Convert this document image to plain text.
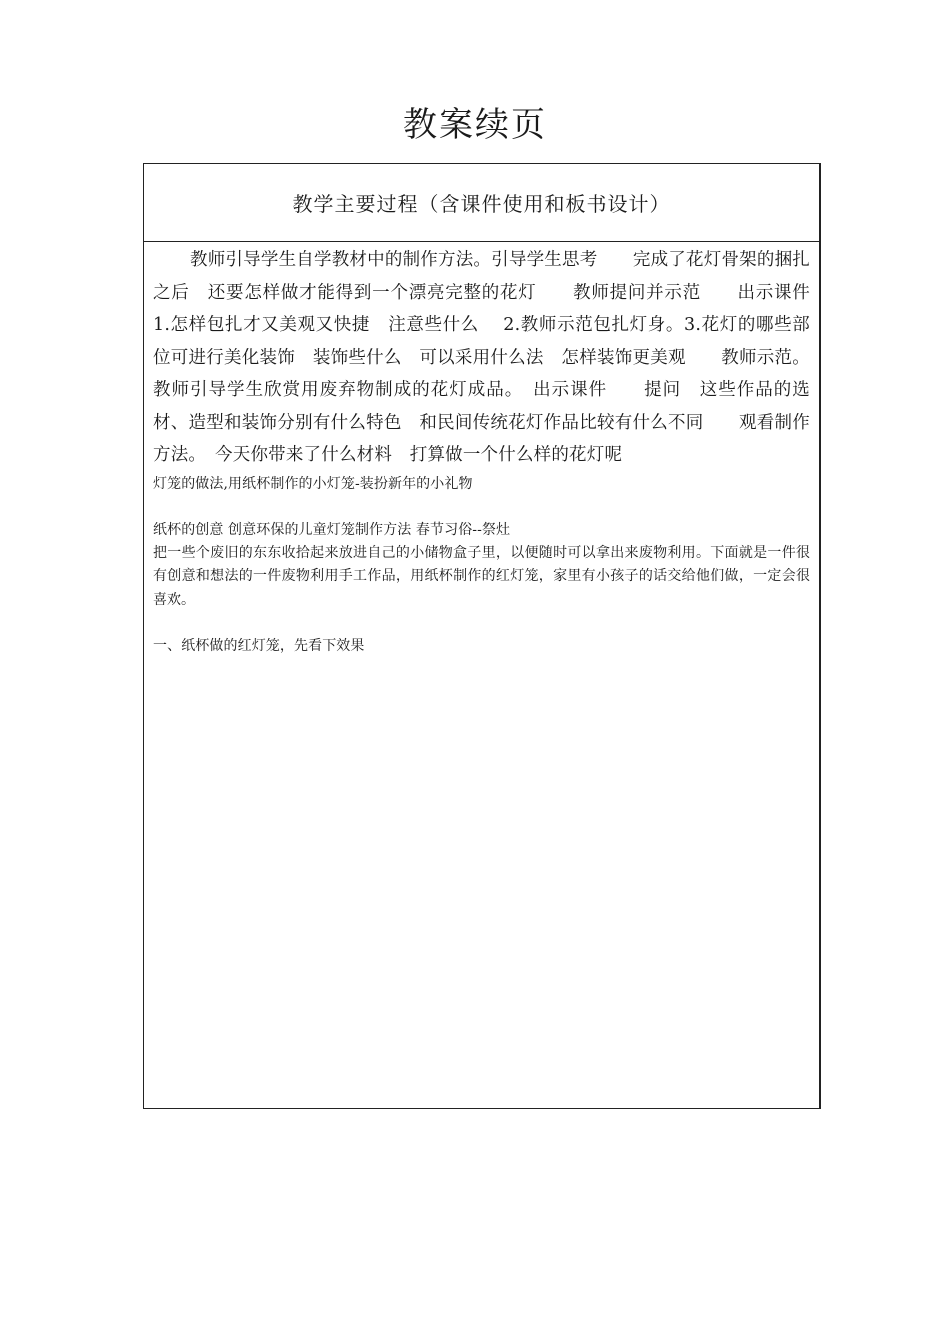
教案续页
教学主要过程（含课件使用和板书设计）

教师引导学生自学教材中的制作方法。引导学生思考　　完成了花灯骨架的捆扎之后　还要怎样做才能得到一个漂亮完整的花灯　　教师提问并示范　　出示课件　　1.怎样包扎才又美观又快捷　注意些什么　 2.教师示范包扎灯身。3.花灯的哪些部位可进行美化装饰　装饰些什么　可以采用什么法　怎样装饰更美观　　教师示范。 教师引导学生欣赏用废弃物制成的花灯成品。　出示课件　　提问　这些作品的选材、造型和装饰分别有什么特色　和民间传统花灯作品比较有什么不同　　观看制作方法。　今天你带来了什么材料　打算做一个什么样的花灯呢

灯笼的做法,用纸杯制作的小灯笼-装扮新年的小礼物

纸杯的创意 创意环保的儿童灯笼制作方法 春节习俗--祭灶

把一些个废旧的东东收拾起来放进自己的小储物盒子里，以便随时可以拿出来废物利用。下面就是一件很有创意和想法的一件废物利用手工作品，用纸杯制作的红灯笼，家里有小孩子的话交给他们做，一定会很喜欢。

一、纸杯做的红灯笼，先看下效果
